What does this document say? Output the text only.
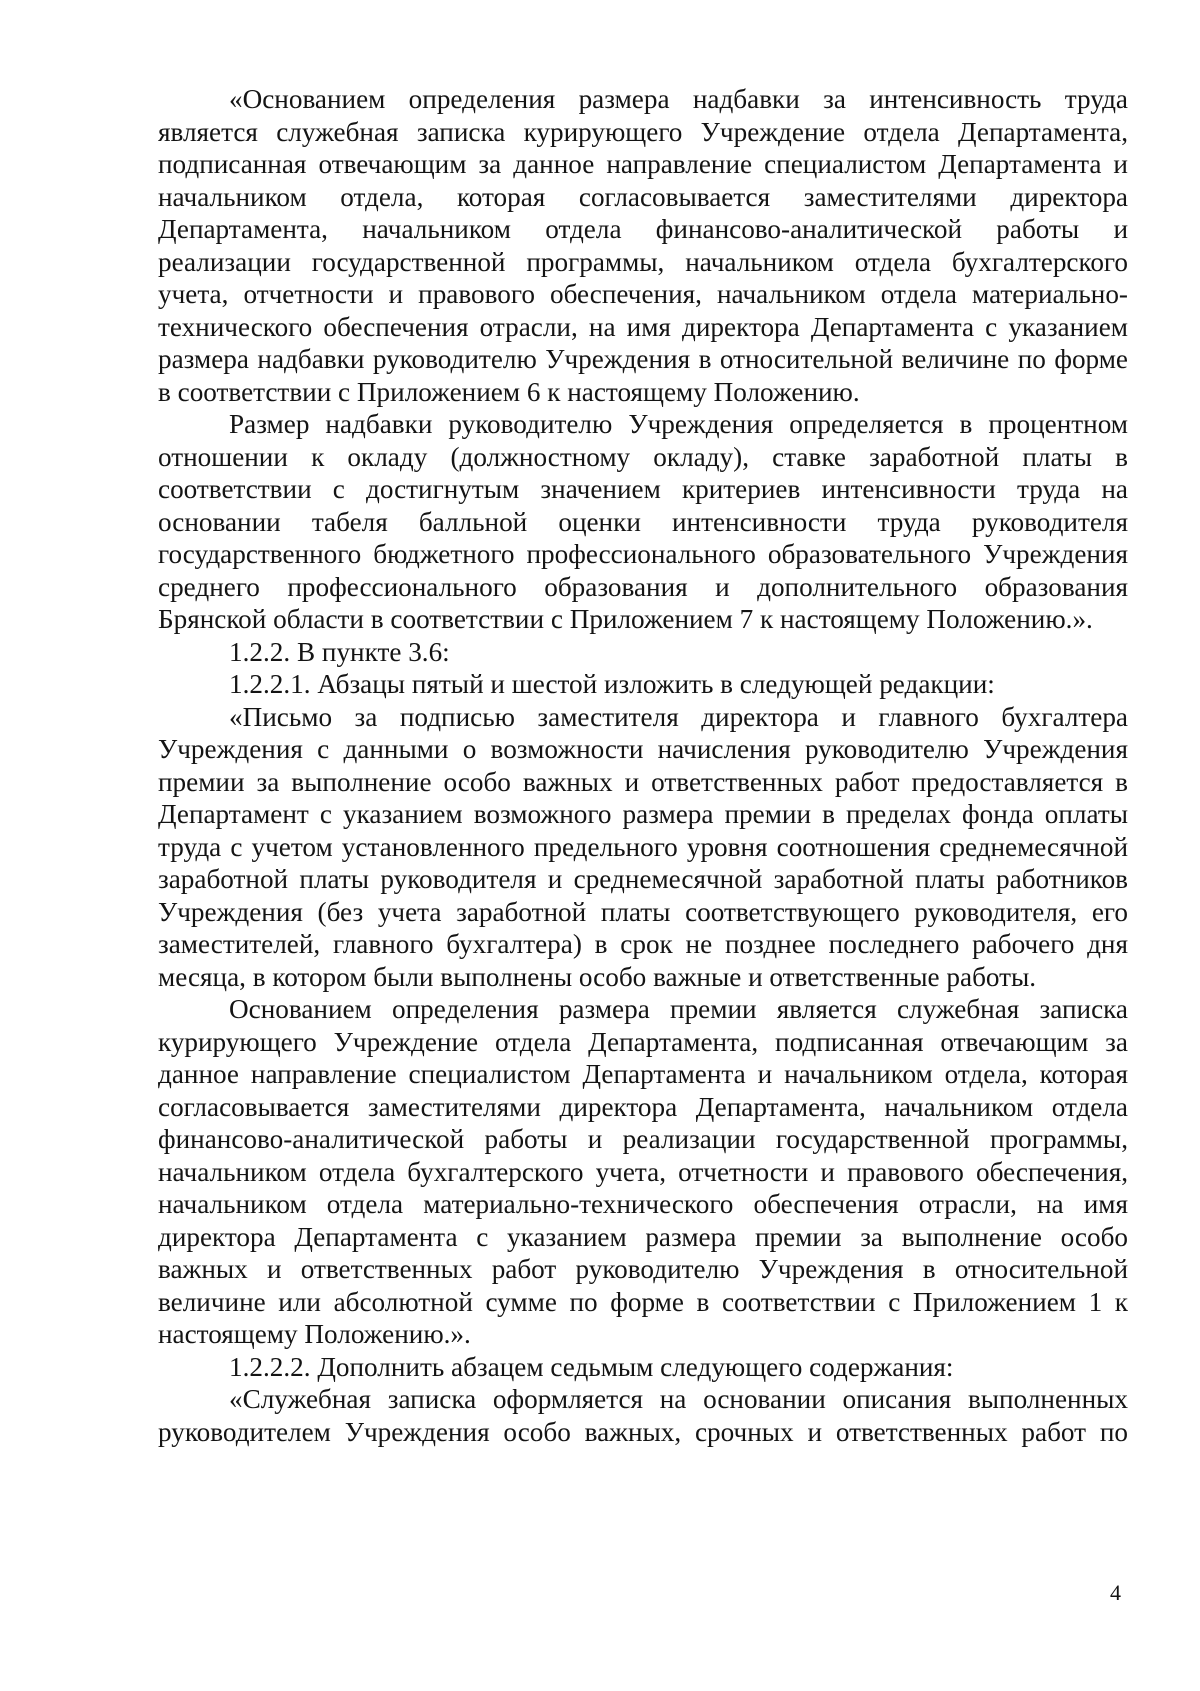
«Основанием определения размера надбавки за интенсивность труда является служебная записка курирующего Учреждение отдела Департамента, подписанная отвечающим за данное направление специалистом Департамента и начальником отдела, которая согласовывается заместителями директора Департамента, начальником отдела финансово-аналитической работы и реализации государственной программы, начальником отдела бухгалтерского учета, отчетности и правового обеспечения, начальником отдела материально-технического обеспечения отрасли, на имя директора Департамента с указанием размера надбавки руководителю Учреждения в относительной величине по форме в соответствии с Приложением 6 к настоящему Положению.

Размер надбавки руководителю Учреждения определяется в процентном отношении к окладу (должностному окладу), ставке заработной платы в соответствии с достигнутым значением критериев интенсивности труда на основании табеля балльной оценки интенсивности труда руководителя государственного бюджетного профессионального образовательного Учреждения среднего профессионального образования и дополнительного образования Брянской области в соответствии с Приложением 7 к настоящему Положению.».

1.2.2. В пункте 3.6:

1.2.2.1. Абзацы пятый и шестой изложить в следующей редакции:

«Письмо за подписью заместителя директора и главного бухгалтера Учреждения с данными о возможности начисления руководителю Учреждения премии за выполнение особо важных и ответственных работ предоставляется в Департамент с указанием возможного размера премии в пределах фонда оплаты труда с учетом установленного предельного уровня соотношения среднемесячной заработной платы руководителя и среднемесячной заработной платы работников Учреждения (без учета заработной платы соответствующего руководителя, его заместителей, главного бухгалтера) в срок не позднее последнего рабочего дня месяца, в котором были выполнены особо важные и ответственные работы.

Основанием определения размера премии является служебная записка курирующего Учреждение отдела Департамента, подписанная отвечающим за данное направление специалистом Департамента и начальником отдела, которая согласовывается заместителями директора Департамента, начальником отдела финансово-аналитической работы и реализации государственной программы, начальником отдела бухгалтерского учета, отчетности и правового обеспечения, начальником отдела материально-технического обеспечения отрасли, на имя директора Департамента с указанием размера премии за выполнение особо важных и ответственных работ руководителю Учреждения в относительной величине или абсолютной сумме по форме в соответствии с Приложением 1 к настоящему Положению.».

1.2.2.2. Дополнить абзацем седьмым следующего содержания:

«Служебная записка оформляется на основании описания выполненных руководителем Учреждения особо важных, срочных и ответственных работ по

4
